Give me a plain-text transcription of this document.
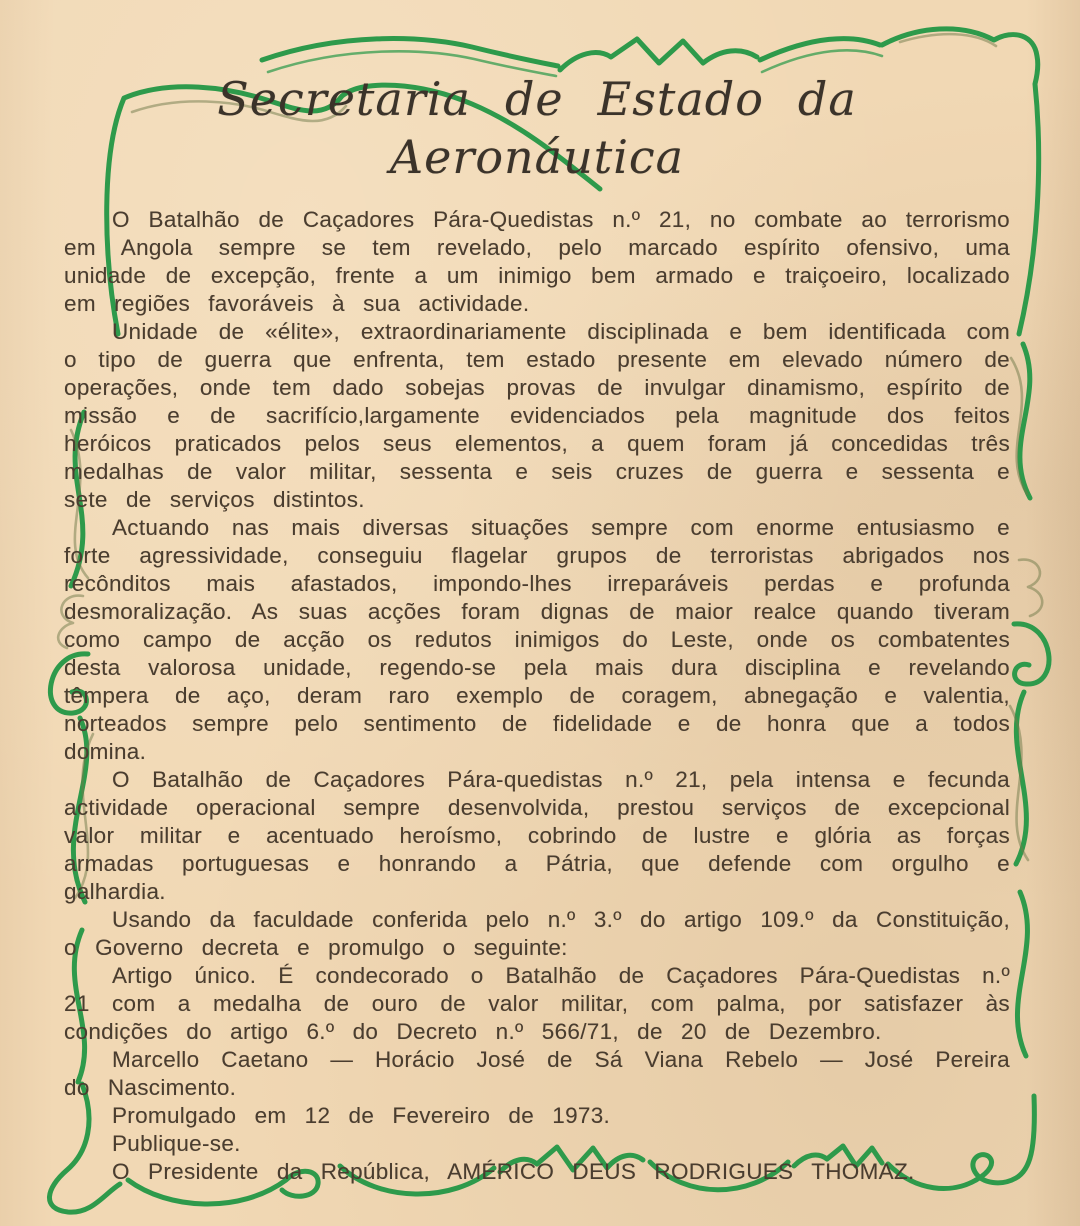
Secretaria de Estado da Aeronáutica

O Batalhão de Caçadores Pára-Quedistas n.º 21, no combate ao terrorismo em Angola sempre se tem revelado, pelo marcado espírito ofensivo, uma unidade de excepção, frente a um inimigo bem armado e traiçoeiro, localizado em regiões favoráveis à sua actividade.

Unidade de «élite», extraordinariamente disciplinada e bem identificada com o tipo de guerra que enfrenta, tem estado presente em elevado número de operações, onde tem dado sobejas provas de invulgar dinamismo, espírito de missão e de sacrifício,largamente evidenciados pela magnitude dos feitos heróicos praticados pelos seus elementos, a quem foram já concedidas três medalhas de valor militar, sessenta e seis cruzes de guerra e sessenta e sete de serviços distintos.

Actuando nas mais diversas situações sempre com enorme entusiasmo e forte agressividade, conseguiu flagelar grupos de terroristas abrigados nos recônditos mais afastados, impondo-lhes irreparáveis perdas e profunda desmoralização. As suas acções foram dignas de maior realce quando tiveram como campo de acção os redutos inimigos do Leste, onde os combatentes desta valorosa unidade, regendo-se pela mais dura disciplina e revelando têmpera de aço, deram raro exemplo de coragem, abnegação e valentia, norteados sempre pelo sentimento de fidelidade e de honra que a todos domina.

O Batalhão de Caçadores Pára-quedistas n.º 21, pela intensa e fecunda actividade operacional sempre desenvolvida, prestou serviços de excepcional valor militar e acentuado heroísmo, cobrindo de lustre e glória as forças armadas portuguesas e honrando a Pátria, que defende com orgulho e galhardia.

Usando da faculdade conferida pelo n.º 3.º do artigo 109.º da Constituição, o Governo decreta e promulgo o seguinte:

Artigo único. É condecorado o Batalhão de Caçadores Pára-Quedistas n.º 21 com a medalha de ouro de valor militar, com palma, por satisfazer às condições do artigo 6.º do Decreto n.º 566/71, de 20 de Dezembro.

Marcello Caetano — Horácio José de Sá Viana Rebelo — José Pereira do Nascimento.

Promulgado em 12 de Fevereiro de 1973.

Publique-se.

O Presidente da República, AMÉRICO DEUS RODRIGUES THOMAZ.
